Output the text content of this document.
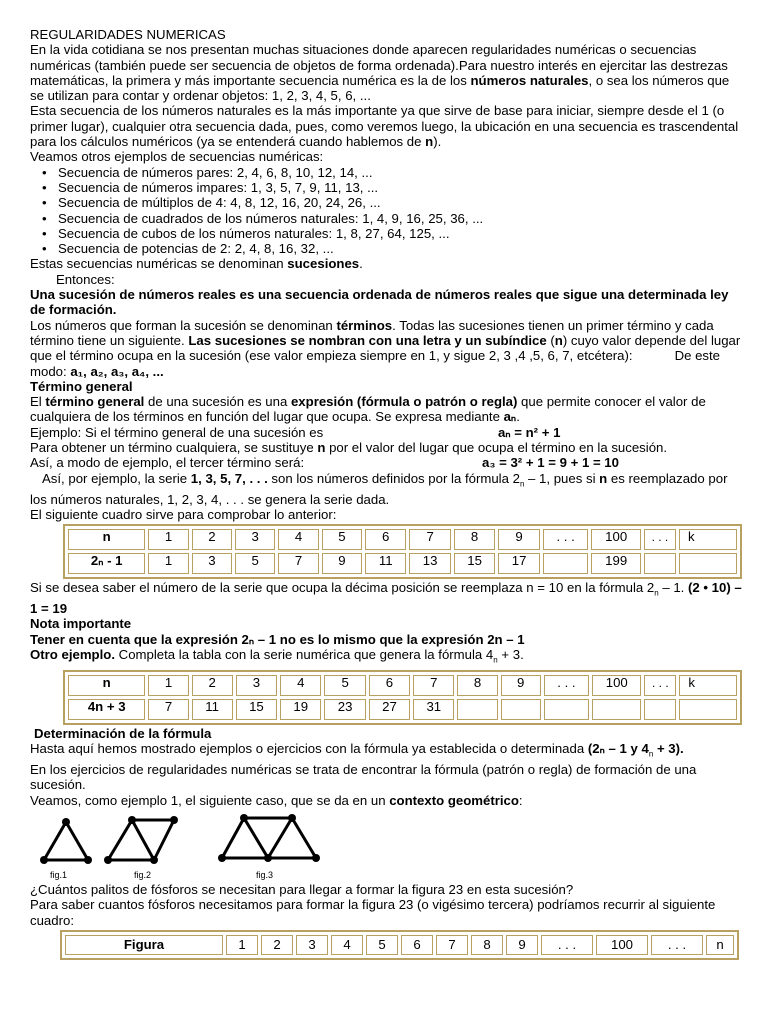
REGULARIDADES NUMERICAS

En la vida cotidiana se nos presentan muchas situaciones donde aparecen regularidades numéricas o secuencias numéricas (también puede ser secuencia de objetos de forma ordenada).Para nuestro interés en ejercitar las destrezas matemáticas, la primera y más importante secuencia numérica es la de los números naturales, o sea los números que se utilizan para contar y ordenar objetos: 1, 2, 3, 4, 5, 6, ...

Esta secuencia de los números naturales es la más importante ya que sirve de base para iniciar, siempre desde el 1 (o primer lugar), cualquier otra secuencia dada, pues, como veremos luego, la ubicación en una secuencia es trascendental para los cálculos numéricos (ya se entenderá cuando hablemos de n).

Veamos otros ejemplos de secuencias numéricas:

• Secuencia de números pares: 2, 4, 6, 8, 10, 12, 14, ...
• Secuencia de números impares: 1, 3, 5, 7, 9, 11, 13, ...
• Secuencia de múltiplos de 4: 4, 8, 12, 16, 20, 24, 26, ...
• Secuencia de cuadrados de los números naturales: 1, 4, 9, 16, 25, 36, ...
• Secuencia de cubos de los números naturales: 1, 8, 27, 64, 125, ...
• Secuencia de potencias de 2: 2, 4, 8, 16, 32, ...

Estas secuencias numéricas se denominan sucesiones.

Entonces:

Una sucesión de números reales es una secuencia ordenada de números reales que sigue una determinada ley de formación.

Los números que forman la sucesión se denominan términos. Todas las sucesiones tienen un primer término y cada término tiene un siguiente. Las sucesiones se nombran con una letra y un subíndice (n) cuyo valor depende del lugar que el término ocupa en la sucesión (ese valor empieza siempre en 1, y sigue 2, 3 ,4 ,5, 6, 7, etcétera):	De este modo: a₁, a₂, a₃, a₄, ...

Término general

El término general de una sucesión es una expresión (fórmula o patrón o regla) que permite conocer el valor de cualquiera de los términos en función del lugar que ocupa. Se expresa mediante aₙ.

Ejemplo: Si el término general de una sucesión es	aₙ = n² + 1

Para obtener un término cualquiera, se sustituye n por el valor del lugar que ocupa el término en la sucesión.

Así, a modo de ejemplo, el tercer término será:	a₃ = 3² + 1 = 9 + 1 = 10

Así, por ejemplo, la serie 1, 3, 5, 7, . . . son los números definidos por la fórmula $2_n - 1$, pues si n es reemplazado por los números naturales, 1, 2, 3, 4, . . . se genera la serie dada.

El siguiente cuadro sirve para comprobar lo anterior:

n	1	2	3	4	5	6	7	8	9	. . .	100	. . .	k
2ₙ - 1	1	3	5	7	9	11	13	15	17		199		

Si se desea saber el número de la serie que ocupa la décima posición se reemplaza n = 10 en la fórmula $2_n - 1$. (2 • 10) – 1 = 19

Nota importante

Tener en cuenta que la expresión 2ₙ – 1 no es lo mismo que la expresión 2n – 1

Otro ejemplo. Completa la tabla con la serie numérica que genera la fórmula $4_n + 3$.

n	1	2	3	4	5	6	7	8	9	. . .	100	. . .	k
4n + 3	7	11	15	19	23	27	31						

Determinación de la fórmula

Hasta aquí hemos mostrado ejemplos o ejercicios con la fórmula ya establecida o determinada (2ₙ – 1 y $4_n + 3$).

En los ejercicios de regularidades numéricas se trata de encontrar la fórmula (patrón o regla) de formación de una sucesión.

Veamos, como ejemplo 1, el siguiente caso, que se da en un contexto geométrico:

fig.1	fig.2	fig.3

¿Cuántos palitos de fósforos se necesitan para llegar a formar la figura 23 en esta sucesión?

Para saber cuantos fósforos necesitamos para formar la figura 23 (o vigésimo tercera) podríamos recurrir al siguiente cuadro:

Figura	1	2	3	4	5	6	7	8	9	. . .	100	. . .	n
